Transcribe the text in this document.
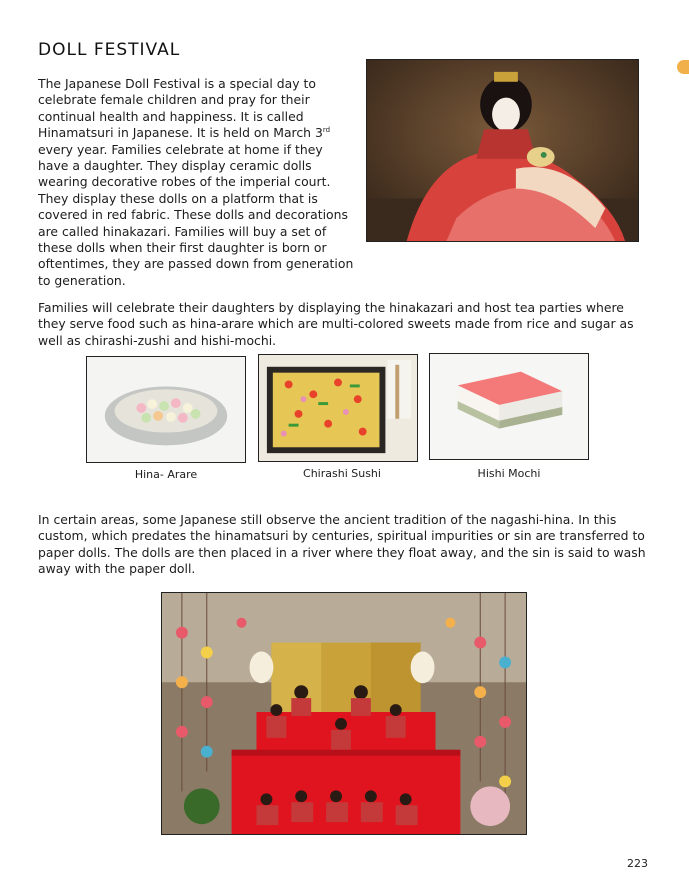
DOLL FESTIVAL

The Japanese Doll Festival is a special day to celebrate female children and pray for their continual health and happiness. It is called Hinamatsuri in Japanese. It is held on March 3rd every year. Families celebrate at home if they have a daughter. They display ceramic dolls wearing decorative robes of the imperial court. They display these dolls on a platform that is covered in red fabric. These dolls and decorations are called hinakazari. Families will buy a set of these dolls when their first daughter is born or oftentimes, they are passed down from generation to generation.

Families will celebrate their daughters by displaying the hinakazari and host tea parties where they serve food such as hina-arare which are multi-colored sweets made from rice and sugar as well as chirashi-zushi and hishi-mochi.

Hina- Arare	Chirashi Sushi	Hishi Mochi

In certain areas, some Japanese still observe the ancient tradition of the nagashi-hina. In this custom, which predates the hinamatsuri by centuries, spiritual impurities or sin are transferred to paper dolls. The dolls are then placed in a river where they float away, and the sin is said to wash away with the paper doll.

223
